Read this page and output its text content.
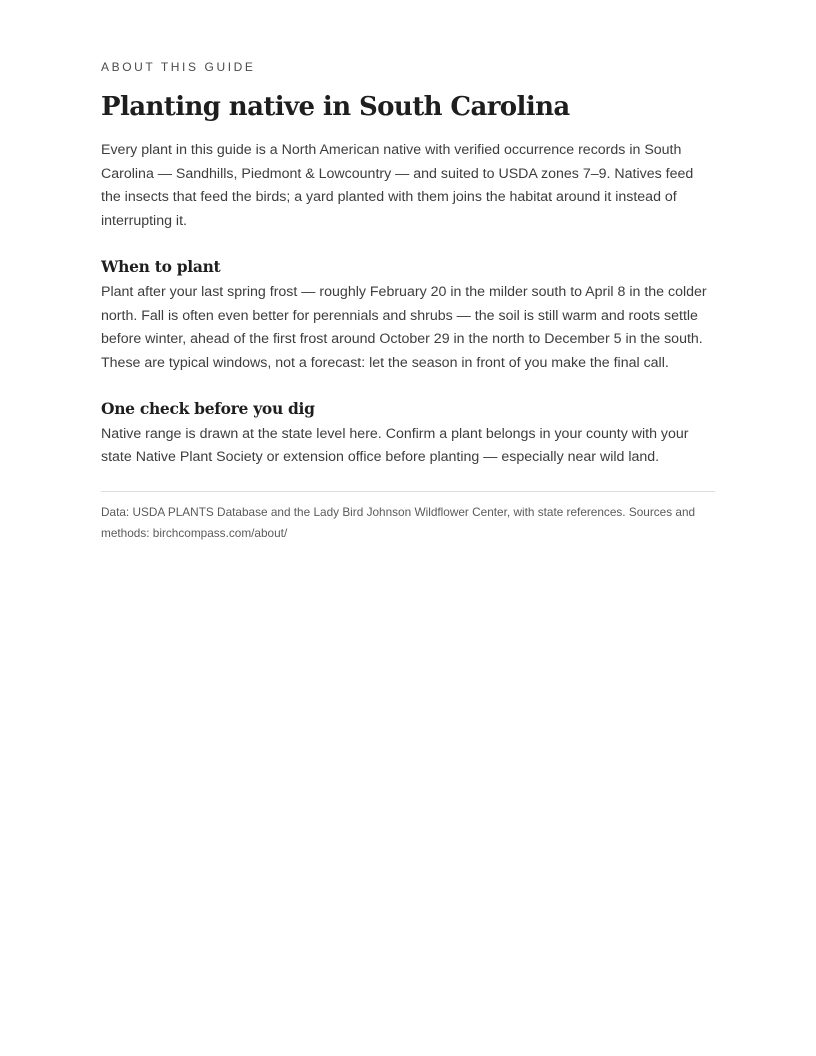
ABOUT THIS GUIDE

Planting native in South Carolina

Every plant in this guide is a North American native with verified occurrence records in South Carolina — Sandhills, Piedmont & Lowcountry — and suited to USDA zones 7–9. Natives feed the insects that feed the birds; a yard planted with them joins the habitat around it instead of interrupting it.

When to plant

Plant after your last spring frost — roughly February 20 in the milder south to April 8 in the colder north. Fall is often even better for perennials and shrubs — the soil is still warm and roots settle before winter, ahead of the first frost around October 29 in the north to December 5 in the south. These are typical windows, not a forecast: let the season in front of you make the final call.

One check before you dig

Native range is drawn at the state level here. Confirm a plant belongs in your county with your state Native Plant Society or extension office before planting — especially near wild land.

Data: USDA PLANTS Database and the Lady Bird Johnson Wildflower Center, with state references. Sources and methods: birchcompass.com/about/
